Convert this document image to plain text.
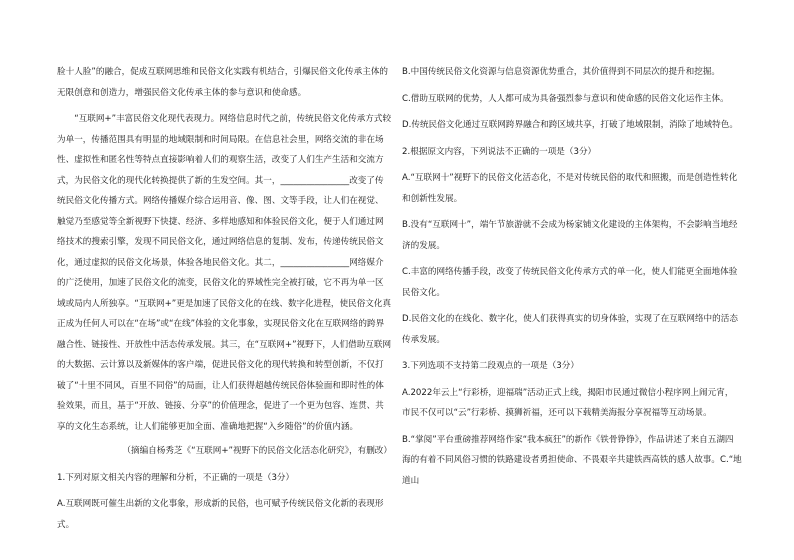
脸十人脸”的融合，促成互联网思维和民俗文化实践有机结合，引爆民俗文化传承主体的无限创意和创造力，增强民俗文化传承主体的参与意识和使命感。

“互联网+”丰富民俗文化现代表现力。网络信息时代之前，传统民俗文化传承方式较为单一，传播范围具有明显的地域限制和时间局限。在信息社会里，网络交流的非在场性、虚拟性和匿名性等特点直接影响着人们的观察生活，改变了人们生产生活和交流方式，为民俗文化的现代化转换提供了新的生发空间。其一，________________改变了传统民俗文化传播方式。网络传播媒介综合运用音、像、图、文等手段，让人们在视觉、触觉乃至感觉等全新视野下快捷、经济、多样地感知和体验民俗文化，便于人们通过网络技术的搜索引擎，发现不同民俗文化，通过网络信息的复制、发布，传递传统民俗文化，通过虚拟的民俗文化场景，体验各地民俗文化。其二，________________网络媒介的广泛使用，加速了民俗文化的流变，民俗文化的界域性完全被打破，它不再为单一区域或局内人所独享。“互联网+”更是加速了民俗文化的在线、数字化进程，使民俗文化真正成为任何人可以在“在场”或“在线”体验的文化事象，实现民俗文化在互联网络的跨界融合性、链接性、开放性中活态传承发展。其三，在“互联网+”视野下，人们借助互联网的大数据、云计算以及新媒体的客户端，促进民俗文化的现代转换和转型创新，不仅打破了“十里不同风，百里不同俗”的局面，让人们获得超越传统民俗体验面和即时性的体验效果，而且，基于“开放、链接、分享”的价值理念，促进了一个更为包容、连贯、共享的文化生态系统，让人们能够更加全面、准确地把握“入乡随俗”的价值内涵。

（摘编自杨秀芝《“互联网+”视野下的民俗文化活态化研究》，有删改）

1.下列对原文相关内容的理解和分析，不正确的一项是（3分）

A.互联网既可催生出新的文化事象，形成新的民俗，也可赋予传统民俗文化新的表现形式。

B.中国传统民俗文化资源与信息资源优势重合，其价值得到不同层次的提升和挖掘。

C.借助互联网的优势，人人都可成为具备强烈参与意识和使命感的民俗文化运作主体。

D.传统民俗文化通过互联网跨界融合和跨区域共享，打破了地域限制，消除了地域特色。

2.根据原文内容，下列说法不正确的一项是（3分）

A.“互联网十”视野下的民俗文化活态化，不是对传统民俗的取代和照搬，而是创造性转化和创新性发展。

B.没有“互联网十”，端午节旅游就不会成为杨家铺文化建设的主体架构，不会影响当地经济的发展。

C.丰富的网络传播手段，改变了传统民俗文化传承方式的单一化，使人们能更全面地体验民俗文化。

D.民俗文化的在线化、数字化，使人们获得真实的切身体验，实现了在互联网络中的活态传承发展。

3.下列选项不支持第二段观点的一项是（3分）

A.2022年云上“行彩桥，迎福瑞”活动正式上线，揭阳市民通过微信小程序网上闹元宵，市民不仅可以“云”行彩桥、摸狮祈福，还可以下载精美海报分享祝福等互动场景。

B.“掌阅”平台重磅推荐网络作家“我本疯狂”的新作《铁骨铮铮》，作品讲述了来自五湖四海的有着不同风俗习惯的铁路建设者勇担使命、不畏艰辛共建铁西高铁的感人故事。C.“地道山
